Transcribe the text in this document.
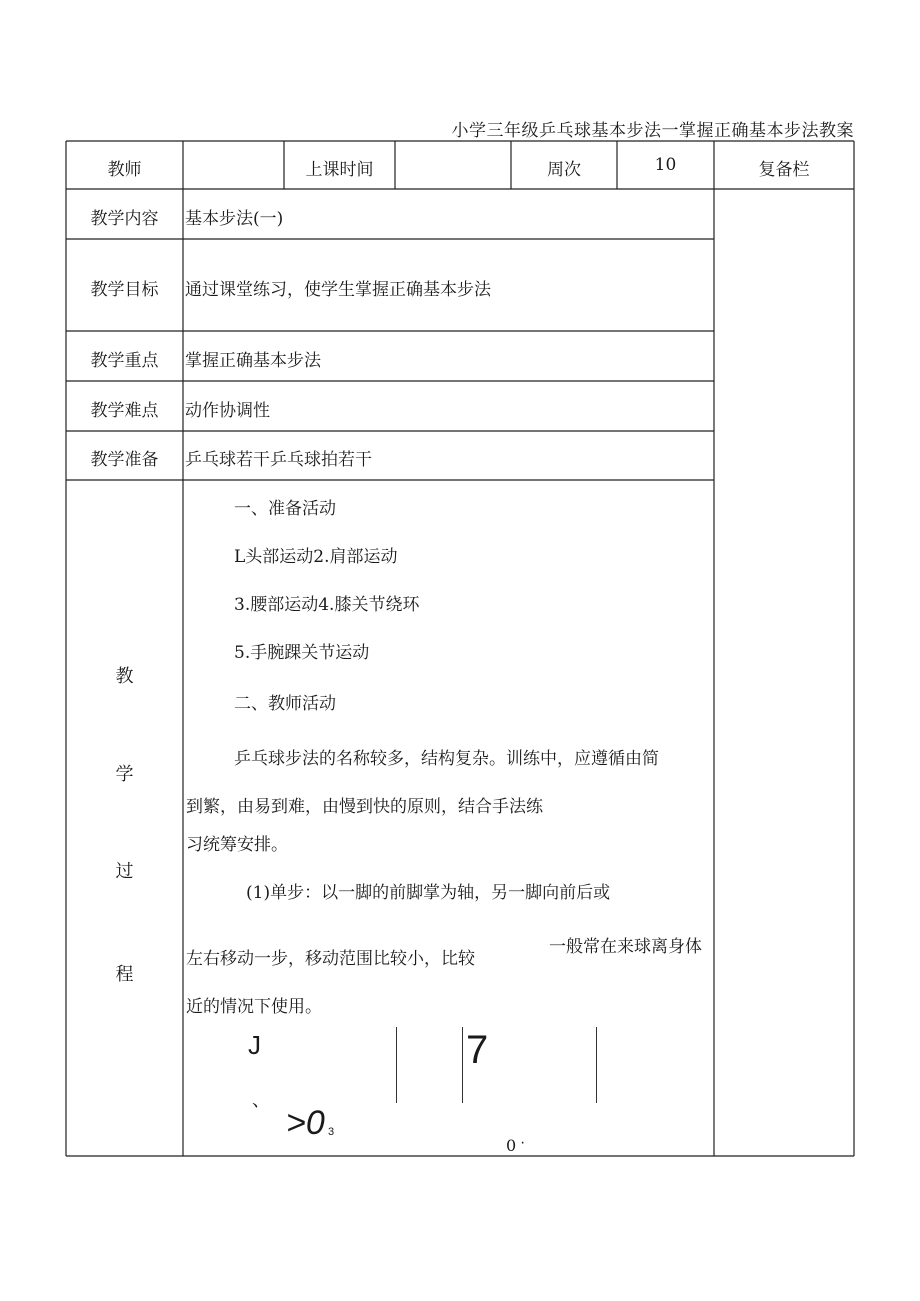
小学三年级乒乓球基本步法一掌握正确基本步法教案
教师	上课时间	周次	10	复备栏
教学内容	基本步法(一)
教学目标	通过课堂练习，使学生掌握正确基本步法
教学重点	掌握正确基本步法
教学难点	动作协调性
教学准备	乒乓球若干乒乓球拍若干
教
学
过
程
一、准备活动
L头部运动2.肩部运动
3.腰部运动4.膝关节绕环
5.手腕踝关节运动
二、教师活动
乒乓球步法的名称较多，结构复杂。训练中，应遵循由简
到繁，由易到难，由慢到快的原则，结合手法练
习统筹安排。
(1)单步：以一脚的前脚掌为轴，另一脚向前后或
左右移动一步，移动范围比较小，比较
一般常在来球离身体
近的情况下使用。
J	7
、
>0 3
0 ·
